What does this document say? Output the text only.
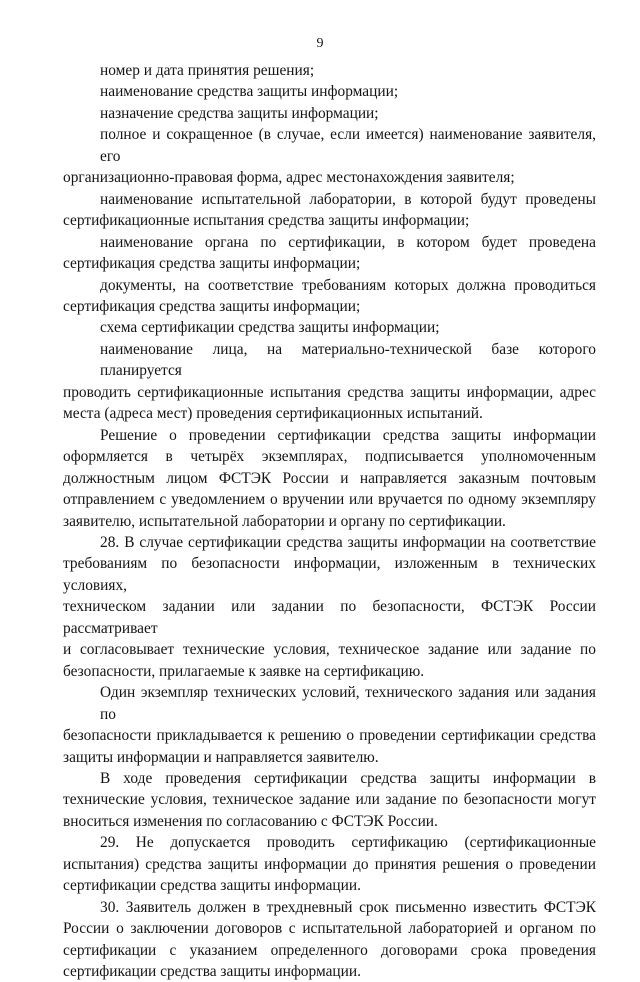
9
номер и дата принятия решения;
наименование средства защиты информации;
назначение средства защиты информации;
полное и сокращенное (в случае, если имеется) наименование заявителя, его
организационно-правовая форма, адрес местонахождения заявителя;
наименование испытательной лаборатории, в которой будут проведены
сертификационные испытания средства защиты информации;
наименование органа по сертификации, в котором будет проведена
сертификация средства защиты информации;
документы, на соответствие требованиям которых должна проводиться
сертификация средства защиты информации;
схема сертификации средства защиты информации;
наименование лица, на материально-технической базе которого планируется
проводить сертификационные испытания средства защиты информации, адрес
места (адреса мест) проведения сертификационных испытаний.
Решение о проведении сертификации средства защиты информации
оформляется в четырёх экземплярах, подписывается уполномоченным
должностным лицом ФСТЭК России и направляется заказным почтовым
отправлением с уведомлением о вручении или вручается по одному экземпляру
заявителю, испытательной лаборатории и органу по сертификации.
28. В случае сертификации средства защиты информации на соответствие
требованиям по безопасности информации, изложенным в технических условиях,
техническом задании или задании по безопасности, ФСТЭК России рассматривает
и согласовывает технические условия, техническое задание или задание по
безопасности, прилагаемые к заявке на сертификацию.
Один экземпляр технических условий, технического задания или задания по
безопасности прикладывается к решению о проведении сертификации средства
защиты информации и направляется заявителю.
В ходе проведения сертификации средства защиты информации в
технические условия, техническое задание или задание по безопасности могут
вноситься изменения по согласованию с ФСТЭК России.
29. Не допускается проводить сертификацию (сертификационные
испытания) средства защиты информации до принятия решения о проведении
сертификации средства защиты информации.
30. Заявитель должен в трехдневный срок письменно известить ФСТЭК
России о заключении договоров с испытательной лабораторией и органом по
сертификации с указанием определенного договорами срока проведения
сертификации средства защиты информации.
